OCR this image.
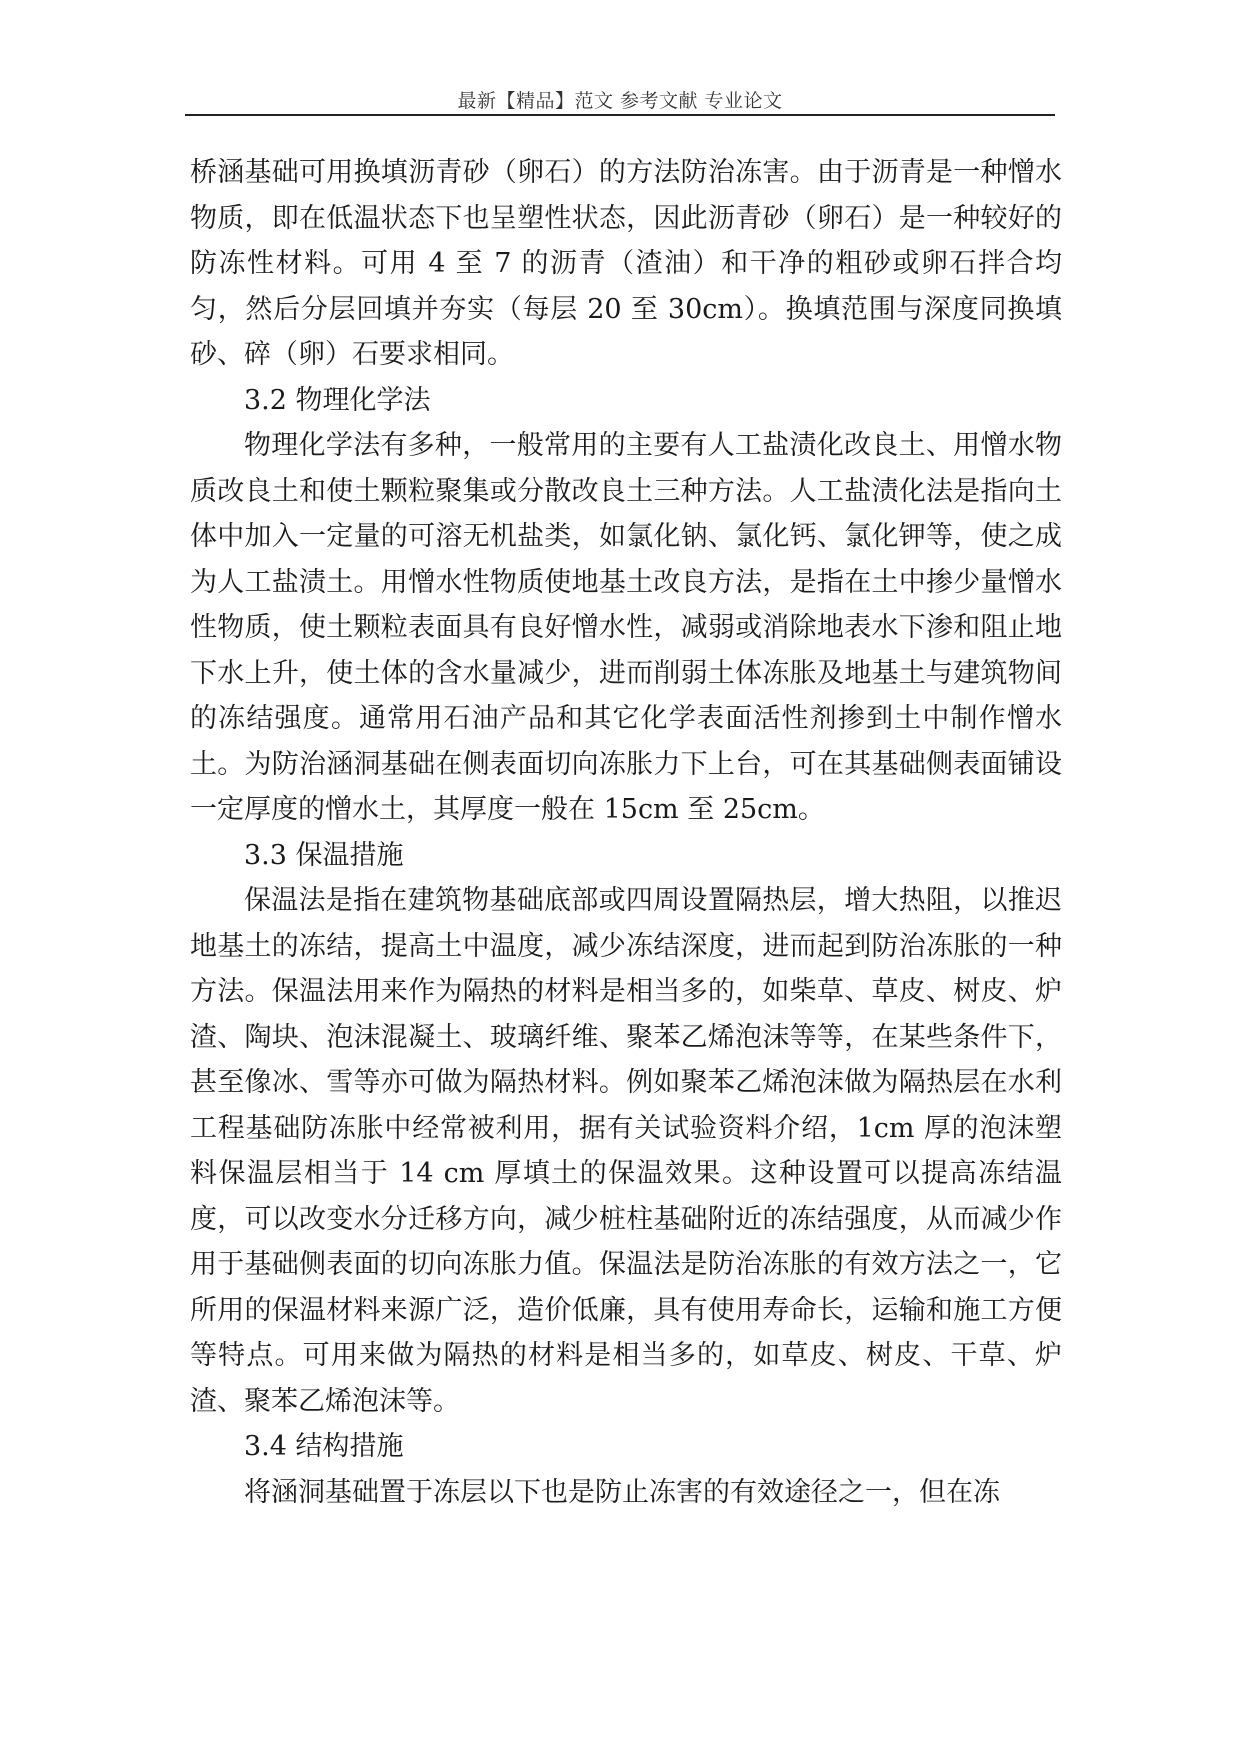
最新【精品】范文 参考文献 专业论文

桥涵基础可用换填沥青砂（卵石）的方法防治冻害。由于沥青是一种憎水物质，即在低温状态下也呈塑性状态，因此沥青砂（卵石）是一种较好的防冻性材料。可用 4 至 7 的沥青（渣油）和干净的粗砂或卵石拌合均匀，然后分层回填并夯实（每层 20 至 30cm）。换填范围与深度同换填砂、碎（卵）石要求相同。

3.2 物理化学法

物理化学法有多种，一般常用的主要有人工盐渍化改良土、用憎水物质改良土和使土颗粒聚集或分散改良土三种方法。人工盐渍化法是指向土体中加入一定量的可溶无机盐类，如氯化钠、氯化钙、氯化钾等，使之成为人工盐渍土。用憎水性物质使地基土改良方法，是指在土中掺少量憎水性物质，使土颗粒表面具有良好憎水性，减弱或消除地表水下渗和阻止地下水上升，使土体的含水量减少，进而削弱土体冻胀及地基土与建筑物间的冻结强度。通常用石油产品和其它化学表面活性剂掺到土中制作憎水土。为防治涵洞基础在侧表面切向冻胀力下上台，可在其基础侧表面铺设一定厚度的憎水土，其厚度一般在 15cm 至 25cm。

3.3 保温措施

保温法是指在建筑物基础底部或四周设置隔热层，增大热阻，以推迟地基土的冻结，提高土中温度，减少冻结深度，进而起到防治冻胀的一种方法。保温法用来作为隔热的材料是相当多的，如柴草、草皮、树皮、炉渣、陶块、泡沫混凝土、玻璃纤维、聚苯乙烯泡沫等等，在某些条件下，甚至像冰、雪等亦可做为隔热材料。例如聚苯乙烯泡沫做为隔热层在水利工程基础防冻胀中经常被利用，据有关试验资料介绍，1cm 厚的泡沫塑料保温层相当于 14 cm 厚填土的保温效果。这种设置可以提高冻结温度，可以改变水分迁移方向，减少桩柱基础附近的冻结强度，从而减少作用于基础侧表面的切向冻胀力值。保温法是防治冻胀的有效方法之一，它所用的保温材料来源广泛，造价低廉，具有使用寿命长，运输和施工方便等特点。可用来做为隔热的材料是相当多的，如草皮、树皮、干草、炉渣、聚苯乙烯泡沫等。

3.4 结构措施

将涵洞基础置于冻层以下也是防止冻害的有效途径之一，但在冻
